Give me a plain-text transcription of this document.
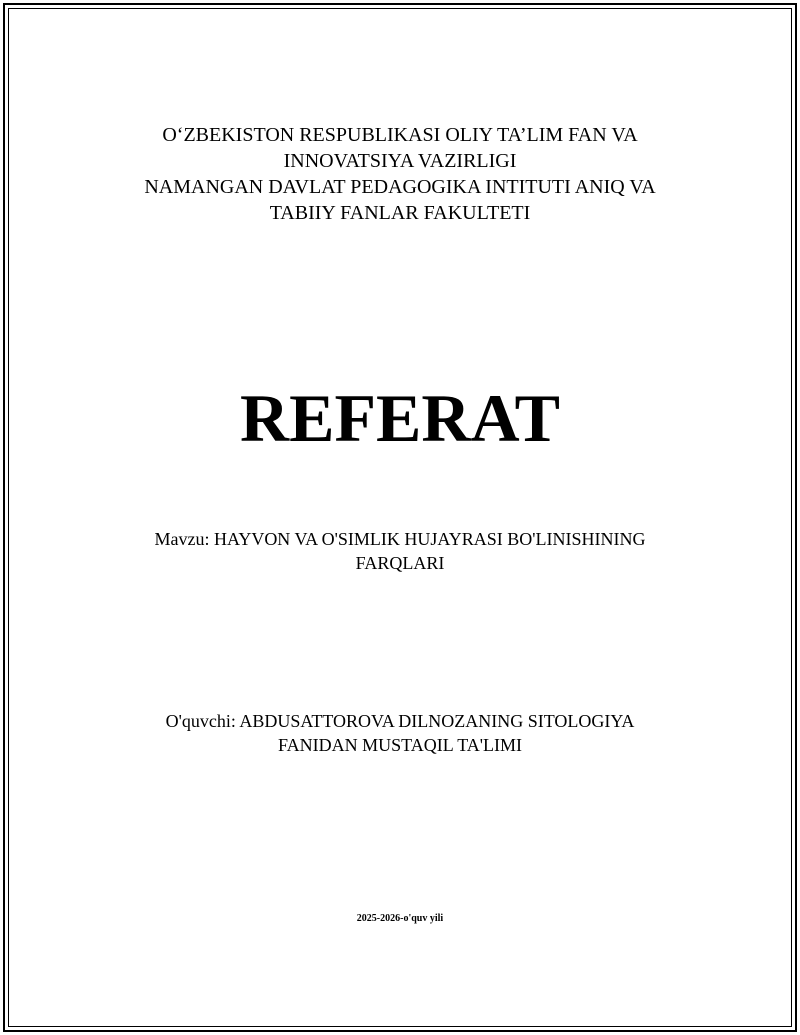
O‘ZBEKISTON RESPUBLIKASI OLIY TA’LIM FAN VA
INNOVATSIYA VAZIRLIGI
NAMANGAN DAVLAT PEDAGOGIKA INTITUTI ANIQ VA
TABIIY FANLAR FAKULTETI
REFERAT
Mavzu: HAYVON VA O'SIMLIK HUJAYRASI BO'LINISHINING
FARQLARI
O'quvchi: ABDUSATTOROVA DILNOZANING SITOLOGIYA
FANIDAN MUSTAQIL TA'LIMI
2025-2026-o'quv yili
